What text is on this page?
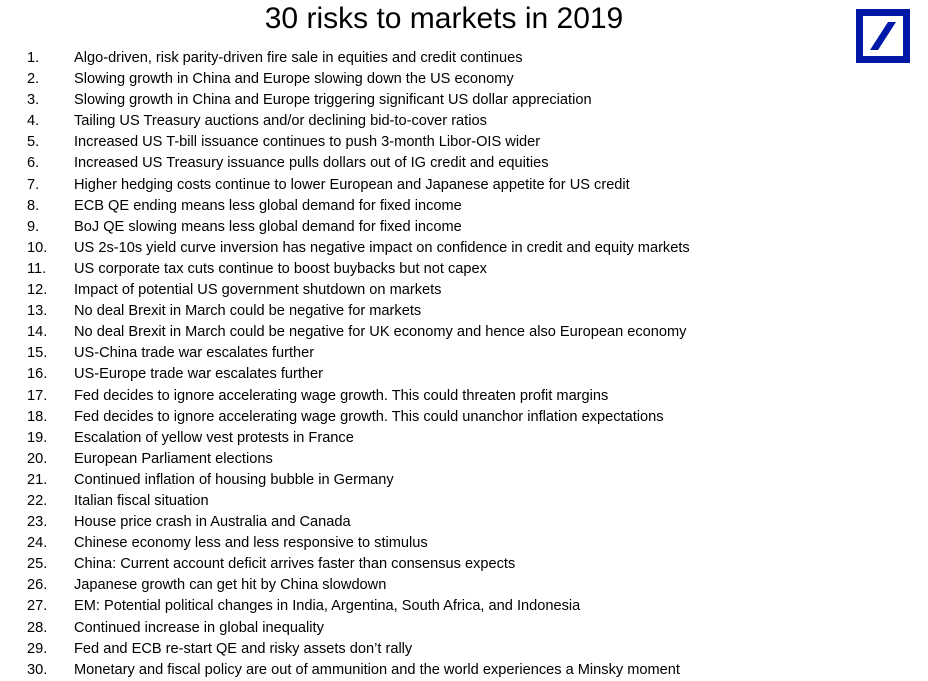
30 risks to markets in 2019
1. Algo-driven, risk parity-driven fire sale in equities and credit continues
2. Slowing growth in China and Europe slowing down the US economy
3. Slowing growth in China and Europe triggering significant US dollar appreciation
4. Tailing US Treasury auctions and/or declining bid-to-cover ratios
5. Increased US T-bill issuance continues to push 3-month Libor-OIS wider
6. Increased US Treasury issuance pulls dollars out of IG credit and equities
7. Higher hedging costs continue to lower European and Japanese appetite for US credit
8. ECB QE ending means less global demand for fixed income
9. BoJ QE slowing means less global demand for fixed income
10. US 2s-10s yield curve inversion has negative impact on confidence in credit and equity markets
11. US corporate tax cuts continue to boost buybacks but not capex
12. Impact of potential US government shutdown on markets
13. No deal Brexit in March could be negative for markets
14. No deal Brexit in March could be negative for UK economy and hence also European economy
15. US-China trade war escalates further
16. US-Europe trade war escalates further
17. Fed decides to ignore accelerating wage growth. This could threaten profit margins
18. Fed decides to ignore accelerating wage growth. This could unanchor inflation expectations
19. Escalation of yellow vest protests in France
20. European Parliament elections
21. Continued inflation of housing bubble in Germany
22. Italian fiscal situation
23. House price crash in Australia and Canada
24. Chinese economy less and less responsive to stimulus
25. China: Current account deficit arrives faster than consensus expects
26. Japanese growth can get hit by China slowdown
27. EM: Potential political changes in India, Argentina, South Africa, and Indonesia
28. Continued increase in global inequality
29. Fed and ECB re-start QE and risky assets don’t rally
30. Monetary and fiscal policy are out of ammunition and the world experiences a Minsky moment
